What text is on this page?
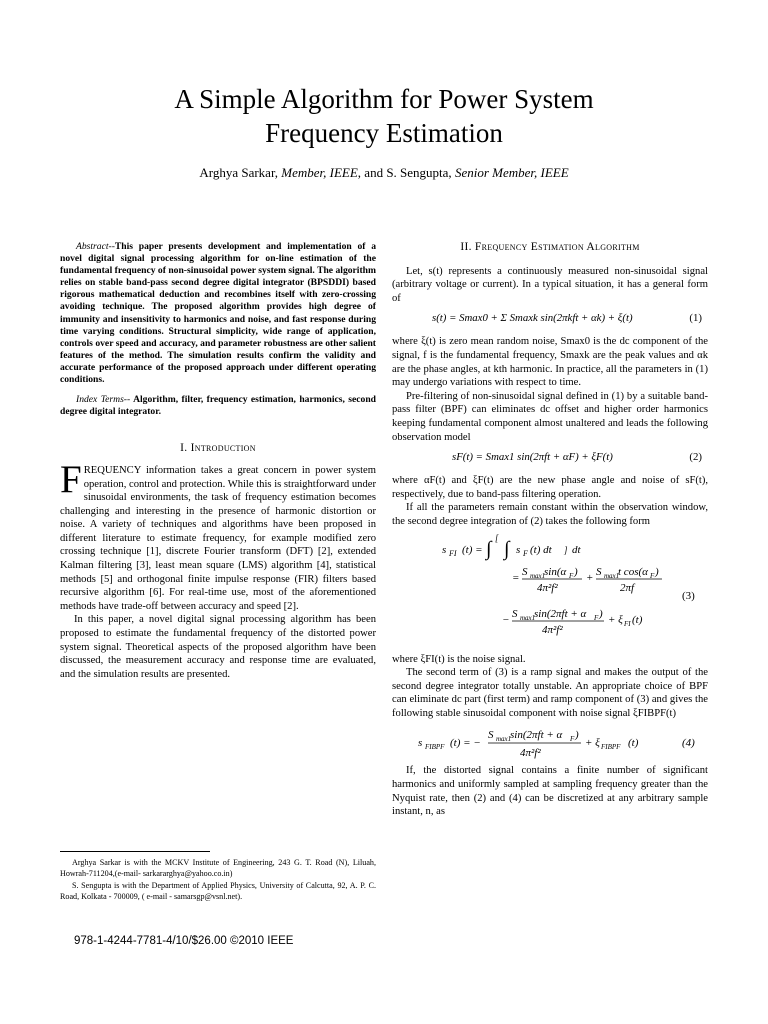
A Simple Algorithm for Power System
Frequency Estimation
Arghya Sarkar, Member, IEEE, and S. Sengupta, Senior Member, IEEE
Abstract--This paper presents development and implementation of a novel digital signal processing algorithm for on-line estimation of the fundamental frequency of non-sinusoidal power system signal. The algorithm relies on stable band-pass second degree digital integrator (BPSDDI) based rigorous mathematical deduction and recombines itself with zero-crossing avoiding technique. The proposed algorithm provides high degree of immunity and insensitivity to harmonics and noise, and fast response during time varying conditions. Structural simplicity, wide range of application, controls over speed and accuracy, and parameter robustness are other salient features of the method. The simulation results confirm the validity and accurate performance of the proposed approach under different operating conditions.
Index Terms-- Algorithm, filter, frequency estimation, harmonics, second degree digital integrator.
I. Introduction

FREQUENCY information takes a great concern in power system operation, control and protection. While this is straightforward under sinusoidal environments, the task of frequency estimation becomes challenging and interesting in the presence of harmonic distortion or noise. A variety of techniques and algorithms have been proposed in different literature to estimate frequency, for example modified zero crossing technique [1], discrete Fourier transform (DFT) [2], extended Kalman filtering [3], least mean square (LMS) algorithm [4], statistical methods [5] and orthogonal finite impulse response (FIR) filters based recursive algorithm [6]. For real-time use, most of the aforementioned methods have trade-off between accuracy and speed [2].

In this paper, a novel digital signal processing algorithm has been proposed to estimate the fundamental frequency of the distorted power system signal. Theoretical aspects of the proposed algorithm have been discussed, the measurement accuracy and response time are evaluated, and the simulation results are presented.

Arghya Sarkar is with the MCKV Institute of Engineering, 243 G. T. Road (N), Liluah, Howrah-711204,(e-mail- sarkararghya@yahoo.co.in)

S. Sengupta is with the Department of Applied Physics, University of Calcutta, 92, A. P. C. Road, Kolkata - 700009, ( e-mail - samarsgp@vsnl.net).

978-1-4244-7781-4/10/$26.00 ©2010 IEEE
II. Frequency Estimation Algorithm

Let, s(t) represents a continuously measured non-sinusoidal signal (arbitrary voltage or current). In a typical situation, it has a general form of

s(t) = Smax0 + Σ Smaxk sin(2πkft + αk) + ξ(t)	(1)

where ξ(t) is zero mean random noise, Smax0 is the dc component of the signal, f is the fundamental frequency, Smaxk are the peak values and αk are the phase angles, at kth harmonic. In practice, all the parameters in (1) may undergo variations with respect to time.

Pre-filtering of non-sinusoidal signal defined in (1) by a suitable band-pass filter (BPF) can eliminates dc offset and higher order harmonics keeping fundamental component almost unaltered and leads the following observation model

sF(t) = Smax1 sin(2πft + αF) + ξF(t)	(2)

where αF(t) and ξF(t) are the new phase angle and noise of sF(t), respectively, due to band-pass filtering operation.

If all the parameters remain constant within the observation window, the second degree integration of (2) takes the following form

s FI (t) = ∫ [ ∫ s F (t) dt ] dt
= S max1
sin(α F )
4π²f²
+ S max1
t cos(α F )
2πf
(3)
− S max1
sin(2πft + α F )
4π²f²
+ ξ FI (t)

where ξFI(t) is the noise signal.

The second term of (3) is a ramp signal and makes the output of the second degree integrator totally unstable. An appropriate choice of BPF can eliminate dc part (first term) and ramp component of (3) and gives the following stable sinusoidal component with noise signal ξFIBPF(t)

s FIBPF (t) = −
S max1
sin(2πft + α F )
4π²f²
+ ξ FIBPF (t)	(4)

If, the distorted signal contains a finite number of significant harmonics and uniformly sampled at sampling frequency greater than the Nyquist rate, then (2) and (4) can be discretized at any arbitrary sample instant, n, as
